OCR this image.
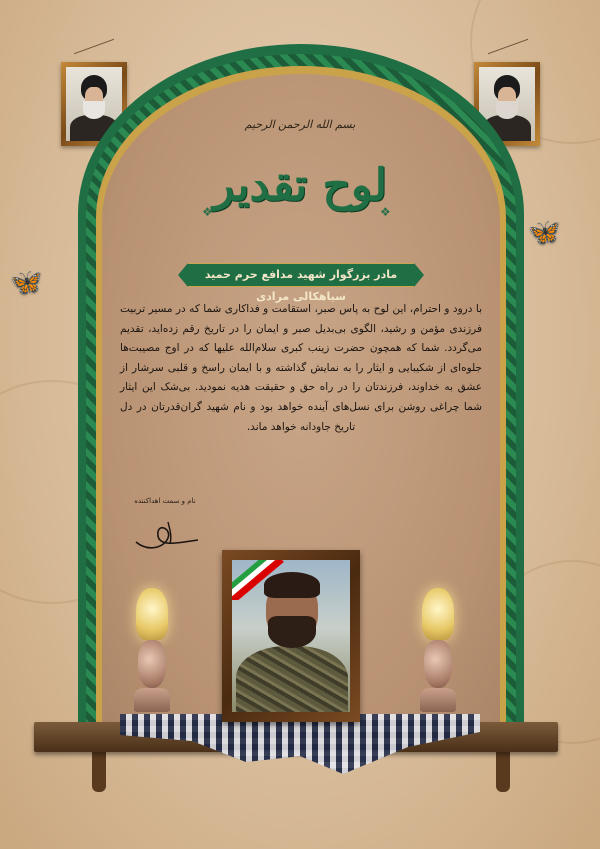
🦋
🦋
بسم الله الرحمن الرحیم
لوح تقدیر
❖	❖
مادر بزرگوار شهید مدافع حرم حمید سیاهکالی مرادی
با درود و احترام، این لوح به پاس صبر، استقامت و فداکاری شما که در مسیر تربیت فرزندی مؤمن و رشید، الگوی بی‌بدیل صبر و ایمان را در تاریخ رقم زده‌اید، تقدیم می‌گردد. شما که همچون حضرت زینب کبری سلام‌الله علیها که در اوج مصیبت‌ها جلوه‌ای از شکیبایی و ایثار را به نمایش گذاشته و با ایمان راسخ و قلبی سرشار از عشق به خداوند، فرزندتان را در راه حق و حقیقت هدیه نمودید. بی‌شک این ایثار شما چراغی روشن برای نسل‌های آینده خواهد بود و نام شهید گران‌قدرتان در دل تاریخ جاودانه خواهد ماند.
نام و سمت اهداکننده
